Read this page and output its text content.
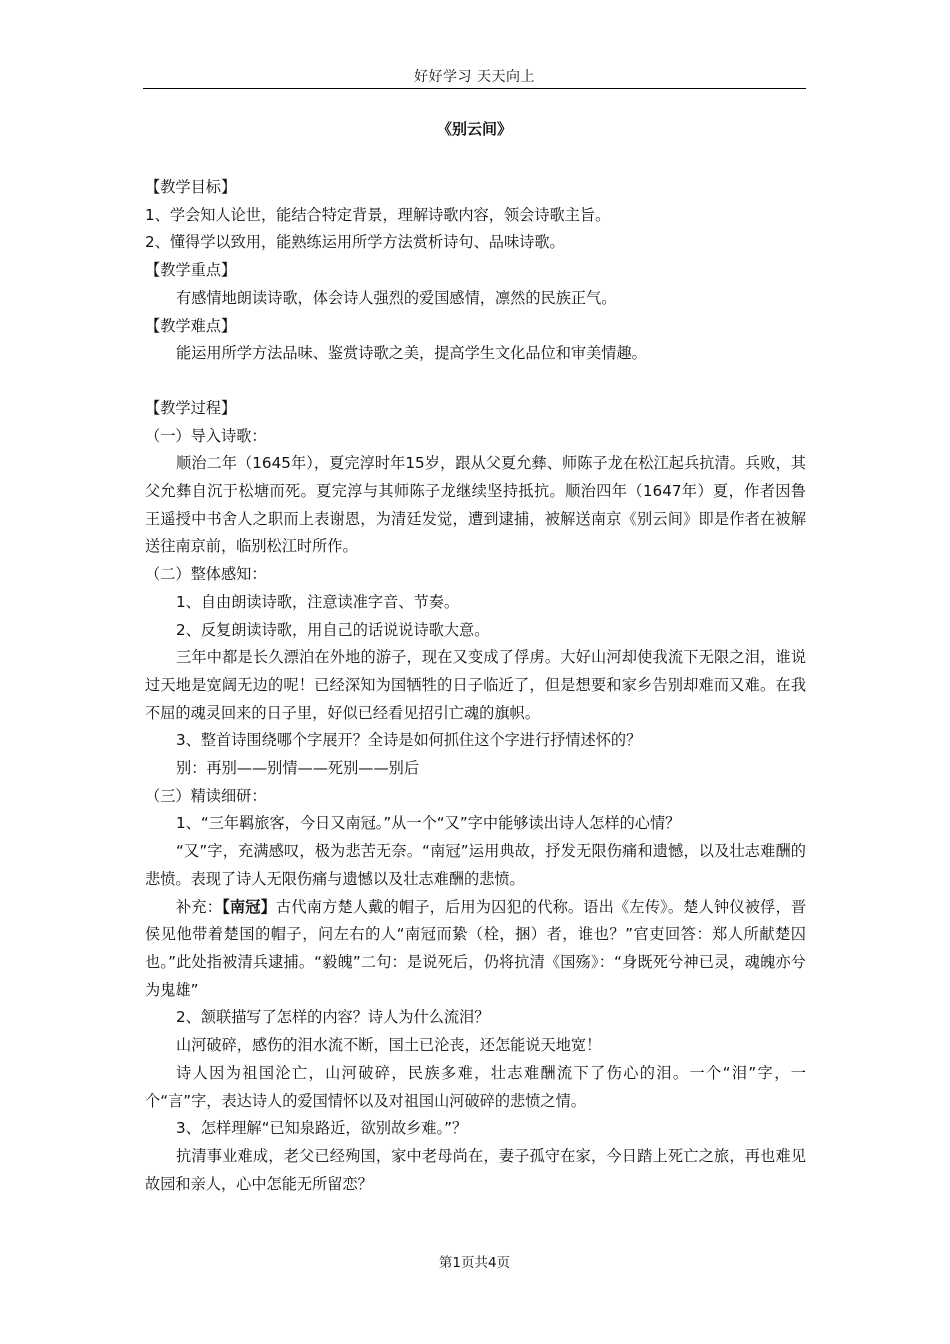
好好学习 天天向上
《别云间》

【教学目标】

1、学会知人论世，能结合特定背景，理解诗歌内容，领会诗歌主旨。

2、懂得学以致用，能熟练运用所学方法赏析诗句、品味诗歌。

【教学重点】

有感情地朗读诗歌，体会诗人强烈的爱国感情，凛然的民族正气。

【教学难点】

能运用所学方法品味、鉴赏诗歌之美，提高学生文化品位和审美情趣。

【教学过程】

（一）导入诗歌：

顺治二年（1645年），夏完淳时年15岁，跟从父夏允彝、师陈子龙在松江起兵抗清。兵败，其父允彝自沉于松塘而死。夏完淳与其师陈子龙继续坚持抵抗。顺治四年（1647年）夏，作者因鲁王遥授中书舍人之职而上表谢恩，为清廷发觉，遭到逮捕，被解送南京《别云间》即是作者在被解送往南京前，临别松江时所作。

（二）整体感知：

1、自由朗读诗歌，注意读准字音、节奏。

2、反复朗读诗歌，用自己的话说说诗歌大意。

三年中都是长久漂泊在外地的游子，现在又变成了俘虏。大好山河却使我流下无限之泪，谁说过天地是宽阔无边的呢！已经深知为国牺牲的日子临近了，但是想要和家乡告别却难而又难。在我不屈的魂灵回来的日子里，好似已经看见招引亡魂的旗帜。

3、整首诗围绕哪个字展开？全诗是如何抓住这个字进行抒情述怀的？

别：再别——别情——死别——别后

（三）精读细研：

1、“三年羁旅客，今日又南冠。”从一个“又”字中能够读出诗人怎样的心情？

“又”字，充满感叹，极为悲苦无奈。“南冠”运用典故，抒发无限伤痛和遗憾，以及壮志难酬的悲愤。表现了诗人无限伤痛与遗憾以及壮志难酬的悲愤。

补充：【南冠】古代南方楚人戴的帽子，后用为囚犯的代称。语出《左传》。楚人钟仪被俘，晋侯见他带着楚国的帽子，问左右的人“南冠而絷（栓，捆）者，谁也？”官吏回答：郑人所献楚囚也。”此处指被清兵逮捕。“毅魄”二句：是说死后，仍将抗清《国殇》：“身既死兮神已灵，魂魄亦兮为鬼雄”

2、颔联描写了怎样的内容？诗人为什么流泪？

山河破碎，感伤的泪水流不断，国土已沦丧，还怎能说天地宽！

诗人因为祖国沦亡，山河破碎，民族多难，壮志难酬流下了伤心的泪。一个“泪”字，一个“言”字，表达诗人的爱国情怀以及对祖国山河破碎的悲愤之情。

3、怎样理解“已知泉路近，欲别故乡难。”？

抗清事业难成，老父已经殉国，家中老母尚在，妻子孤守在家，今日踏上死亡之旅，再也难见故园和亲人，心中怎能无所留恋？

第1页共4页
